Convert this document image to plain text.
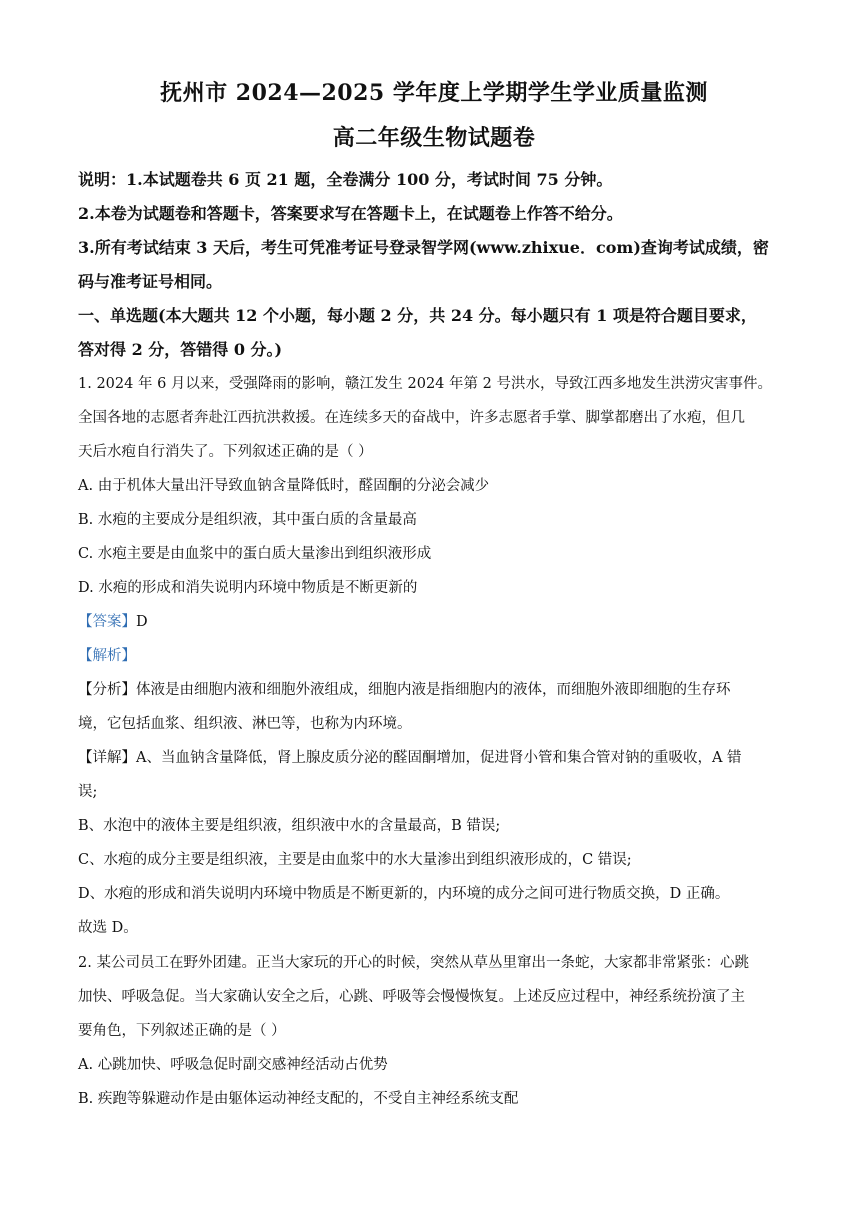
抚州市 2024—2025 学年度上学期学生学业质量监测
高二年级生物试题卷
说明：1.本试题卷共 6 页 21 题，全卷满分 100 分，考试时间 75 分钟。
2.本卷为试题卷和答题卡，答案要求写在答题卡上，在试题卷上作答不给分。
3.所有考试结束 3 天后，考生可凭准考证号登录智学网(www.zhixue．com)查询考试成绩，密
码与准考证号相同。
一、单选题(本大题共 12 个小题，每小题 2 分，共 24 分。每小题只有 1 项是符合题目要求，
答对得 2 分，答错得 0 分。)
1. 2024 年 6 月以来，受强降雨的影响，赣江发生 2024 年第 2 号洪水，导致江西多地发生洪涝灾害事件。
全国各地的志愿者奔赴江西抗洪救援。在连续多天的奋战中，许多志愿者手掌、脚掌都磨出了水疱，但几
天后水疱自行消失了。下列叙述正确的是（ ）
A. 由于机体大量出汗导致血钠含量降低时，醛固酮的分泌会减少
B. 水疱的主要成分是组织液，其中蛋白质的含量最高
C. 水疱主要是由血浆中的蛋白质大量渗出到组织液形成
D. 水疱的形成和消失说明内环境中物质是不断更新的
【答案】D
【解析】
【分析】体液是由细胞内液和细胞外液组成，细胞内液是指细胞内的液体，而细胞外液即细胞的生存环
境，它包括血浆、组织液、淋巴等，也称为内环境。
【详解】A、当血钠含量降低，肾上腺皮质分泌的醛固酮增加，促进肾小管和集合管对钠的重吸收，A 错
误;
B、水泡中的液体主要是组织液，组织液中水的含量最高，B 错误;
C、水疱的成分主要是组织液，主要是由血浆中的水大量渗出到组织液形成的，C 错误;
D、水疱的形成和消失说明内环境中物质是不断更新的，内环境的成分之间可进行物质交换，D 正确。
故选 D。
2. 某公司员工在野外团建。正当大家玩的开心的时候，突然从草丛里窜出一条蛇，大家都非常紧张：心跳
加快、呼吸急促。当大家确认安全之后，心跳、呼吸等会慢慢恢复。上述反应过程中，神经系统扮演了主
要角色，下列叙述正确的是（ ）
A. 心跳加快、呼吸急促时副交感神经活动占优势
B. 疾跑等躲避动作是由躯体运动神经支配的，不受自主神经系统支配
